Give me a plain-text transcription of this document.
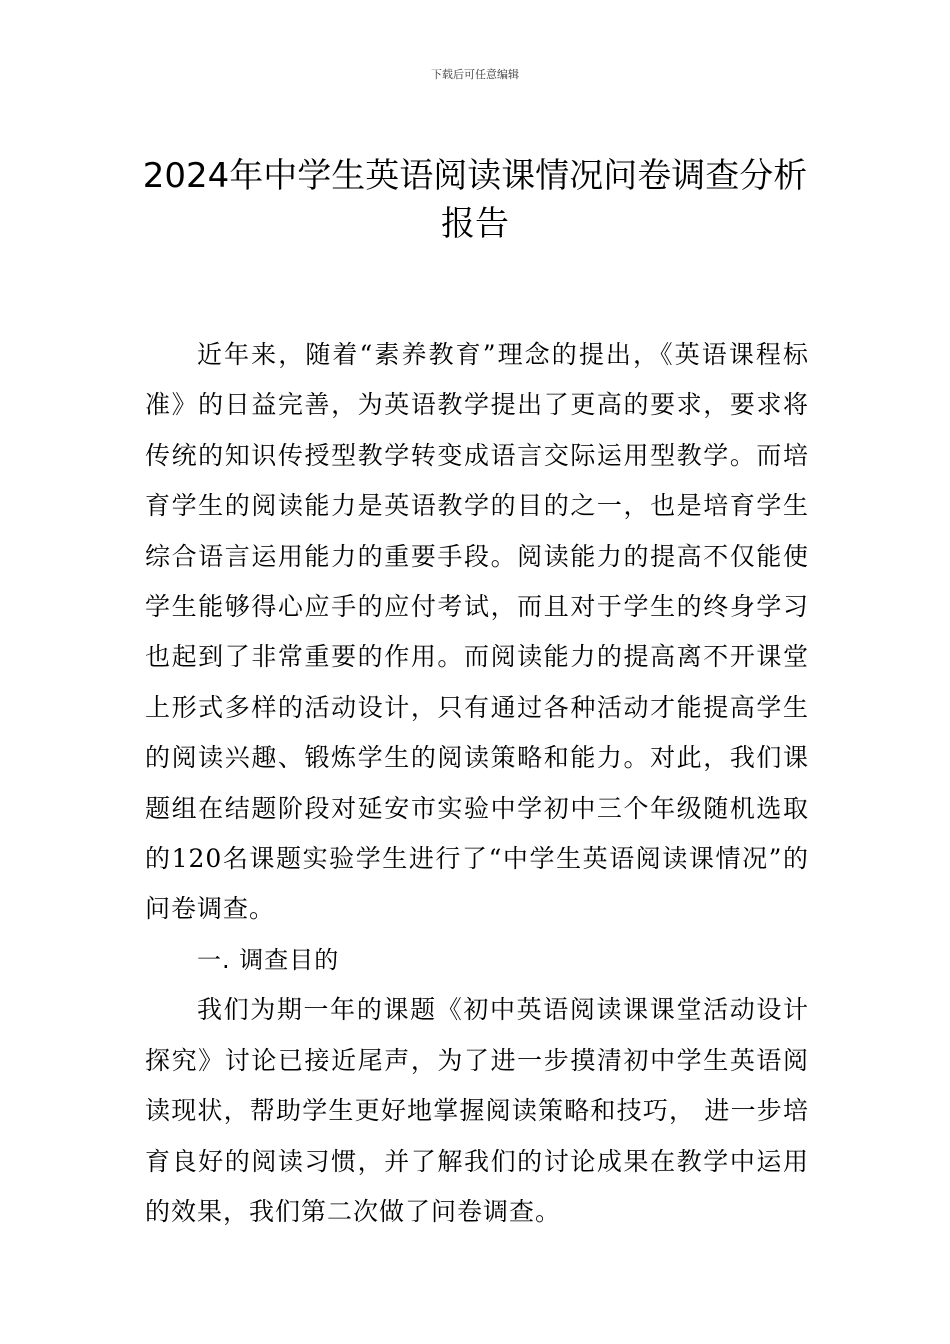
下载后可任意编辑
2024年中学生英语阅读课情况问卷调查分析报告

近年来，随着“素养教育”理念的提出，《英语课程标准》的日益完善，为英语教学提出了更高的要求，要求将传统的知识传授型教学转变成语言交际运用型教学。而培育学生的阅读能力是英语教学的目的之一，也是培育学生综合语言运用能力的重要手段。阅读能力的提高不仅能使学生能够得心应手的应付考试，而且对于学生的终身学习也起到了非常重要的作用。而阅读能力的提高离不开课堂上形式多样的活动设计，只有通过各种活动才能提高学生的阅读兴趣、锻炼学生的阅读策略和能力。对此，我们课题组在结题阶段对延安市实验中学初中三个年级随机选取的120名课题实验学生进行了“中学生英语阅读课情况”的问卷调查。

一. 调查目的

我们为期一年的课题《初中英语阅读课课堂活动设计探究》讨论已接近尾声，为了进一步摸清初中学生英语阅读现状，帮助学生更好地掌握阅读策略和技巧， 进一步培育良好的阅读习惯，并了解我们的讨论成果在教学中运用的效果，我们第二次做了问卷调查。
